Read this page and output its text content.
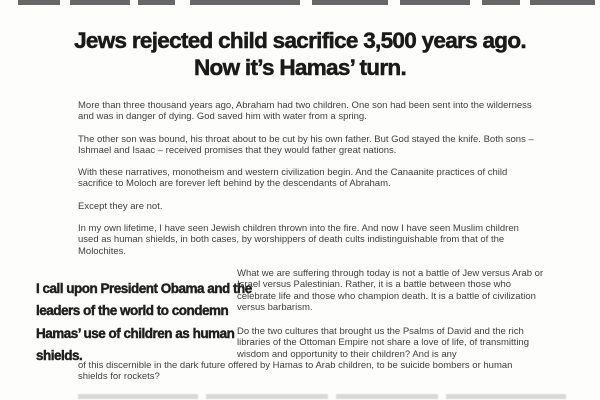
Jews rejected child sacrifice 3,500 years ago.
Now it’s Hamas’ turn.

More than three thousand years ago, Abraham had two children. One son had been sent into the wilderness and was in danger of dying. God saved him with water from a spring.

The other son was bound, his throat about to be cut by his own father. But God stayed the knife. Both sons – Ishmael and Isaac – received promises that they would father great nations.

With these narratives, monotheism and western civilization begin. And the Canaanite practices of child sacrifice to Moloch are forever left behind by the descendants of Abraham.

Except they are not.

In my own lifetime, I have seen Jewish children thrown into the fire. And now I have seen Muslim children used as human shields, in both cases, by worshippers of death cults indistinguishable from that of the Molochites.

I call upon President Obama and the leaders of the world to condemn Hamas’ use of children as human shields.

What we are suffering through today is not a battle of Jew versus Arab or Israel versus Palestinian. Rather, it is a battle between those who celebrate life and those who champion death. It is a battle of civilization versus barbarism.

Do the two cultures that brought us the Psalms of David and the rich libraries of the Ottoman Empire not share a love of life, of transmitting wisdom and opportunity to their children? And is any

of this discernible in the dark future offered by Hamas to Arab children, to be suicide bombers or human shields for rockets?
